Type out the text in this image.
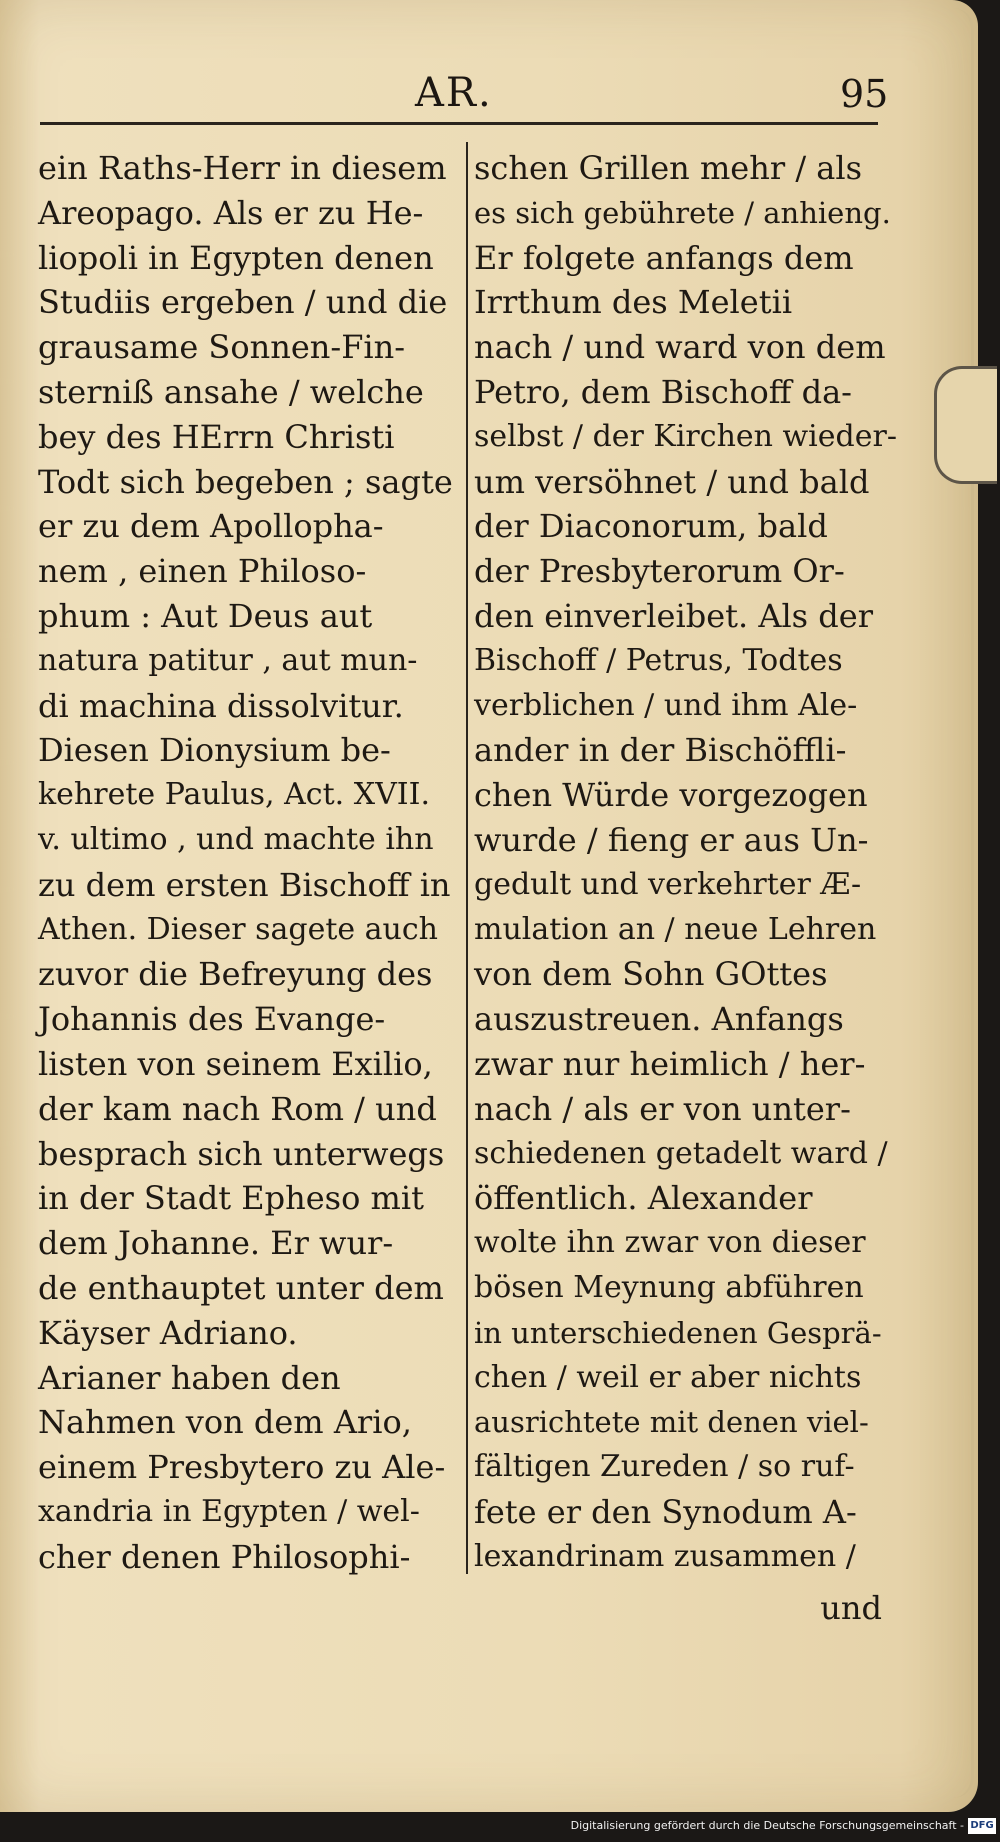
AR.	95
ein Raths-Herr in diesem
Areopago. Als er zu He-
liopoli in Egypten denen
Studiis ergeben / und die
grausame Sonnen-Fin-
sterniß ansahe / welche
bey des HErrn Christi
Todt sich begeben ; sagte
er zu dem Apollopha-
nem , einen Philoso-
phum : Aut Deus aut
natura patitur , aut mun-
di machina dissolvitur.
Diesen Dionysium be-
kehrete Paulus, Act. XVII.
v. ultimo , und machte ihn
zu dem ersten Bischoff in
Athen. Dieser sagete auch
zuvor die Befreyung des
Johannis des Evange-
listen von seinem Exilio,
der kam nach Rom / und
besprach sich unterwegs
in der Stadt Epheso mit
dem Johanne. Er wur-
de enthauptet unter dem
Käyser Adriano.
Arianer haben den
Nahmen von dem Ario,
einem Presbytero zu Ale-
xandria in Egypten / wel-
cher denen Philosophi-
schen Grillen mehr / als
es sich gebührete / anhieng.
Er folgete anfangs dem
Irrthum des Meletii
nach / und ward von dem
Petro, dem Bischoff da-
selbst / der Kirchen wieder-
um versöhnet / und bald
der Diaconorum, bald
der Presbyterorum Or-
den einverleibet. Als der
Bischoff / Petrus, Todtes
verblichen / und ihm Ale-
ander in der Bischöffli-
chen Würde vorgezogen
wurde / fieng er aus Un-
gedult und verkehrter Æ-
mulation an / neue Lehren
von dem Sohn GOttes
auszustreuen. Anfangs
zwar nur heimlich / her-
nach / als er von unter-
schiedenen getadelt ward /
öffentlich. Alexander
wolte ihn zwar von dieser
bösen Meynung abführen
in unterschiedenen Gesprä-
chen / weil er aber nichts
ausrichtete mit denen viel-
fältigen Zureden / so ruf-
fete er den Synodum A-
lexandrinam zusammen /
und
Digitalisierung gefördert durch die Deutsche Forschungsgemeinschaft - DFG
